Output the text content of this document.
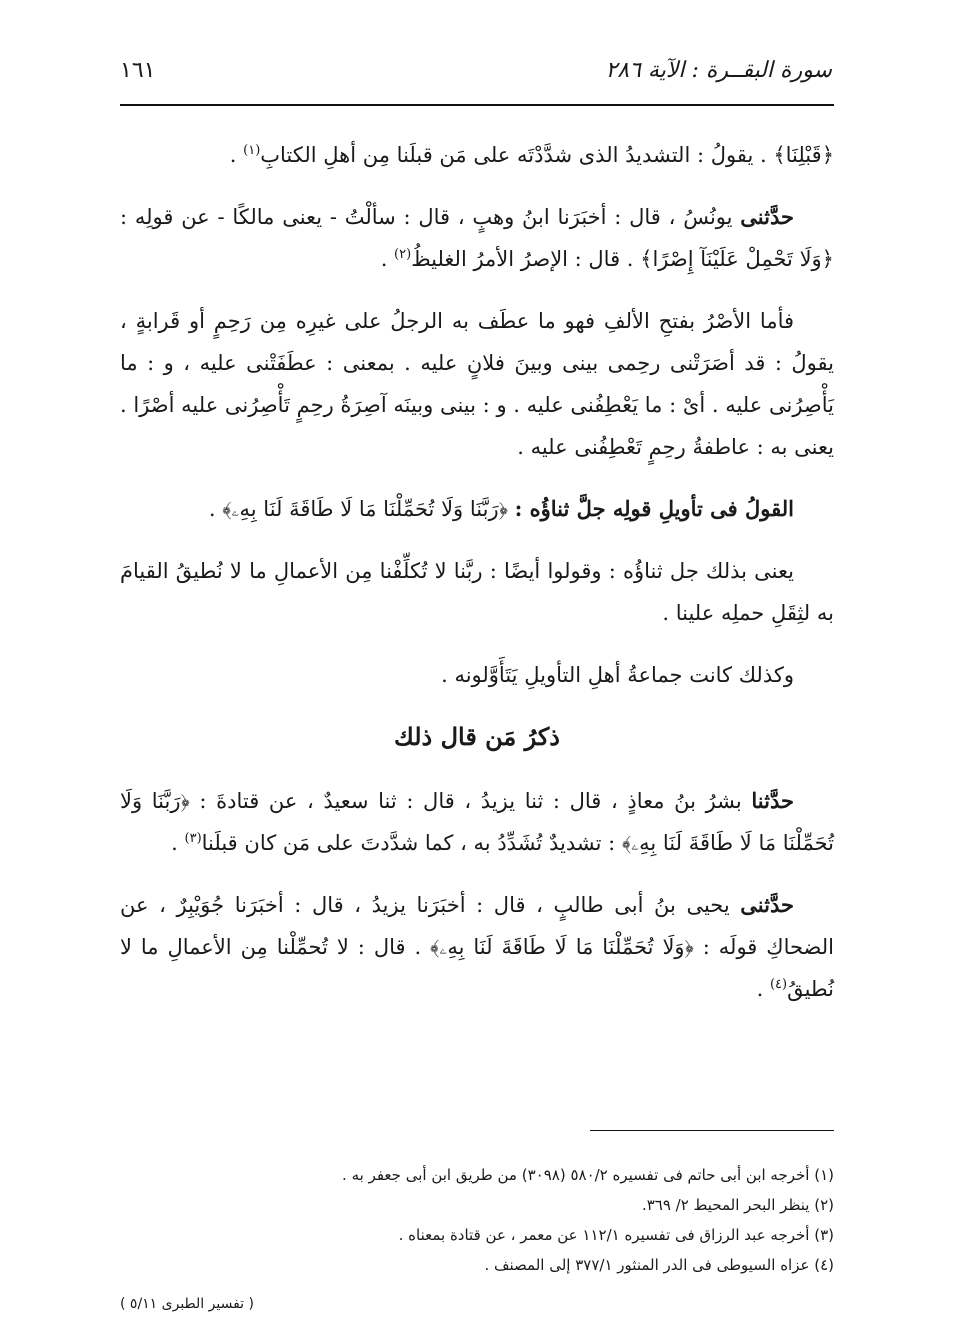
سورة البقــرة : الآية ٢٨٦
١٦١

﴿قَبْلِنَا﴾ . يقولُ : التشديدُ الذى شدَّدْتَه على مَن قبلَنا مِن أهلِ الكتابِ$^{(١)}$ .

حدَّثنى يونُسُ ، قال : أخبَرَنا ابنُ وهبٍ ، قال : سألْتُ - يعنى مالكًا - عن قولِه : ﴿وَلَا تَحْمِلْ عَلَيْنَآ إِصْرًا﴾ . قال : الإصرُ الأمرُ الغليظُ$^{(٢)}$ .

فأما الأصْرُ بفتحِ الألفِ فهو ما عطَف به الرجلُ على غيرِه مِن رَحِمٍ أو قَرابةٍ ، يقولُ : قد أصَرَتْنى رحِمى بينى وبينَ فلانٍ عليه . بمعنى : عطَفَتْنى عليه ، و : ما يَأْصِرُنى عليه . أىْ : ما يَعْطِفُنى عليه . و : بينى وبينَه آصِرَةُ رحِمٍ تَأْصِرُنى عليه أصْرًا . يعنى به : عاطفةُ رحِمٍ تَعْطِفُنى عليه .

القولُ فى تأويلِ قولِه جلَّ ثناؤُه : ﴿رَبَّنَا وَلَا تُحَمِّلْنَا مَا لَا طَاقَةَ لَنَا بِهِۦ﴾ .

يعنى بذلك جل ثناؤُه : وقولوا أيضًا : ربَّنا لا تُكلِّفْنا مِن الأعمالِ ما لا نُطيقُ القيامَ به لثِقَلِ حملِه علينا .

وكذلك كانت جماعةُ أهلِ التأويلِ يَتَأَوَّلونه .

ذكرُ مَن قال ذلك

حدَّثنا بشرُ بنُ معاذٍ ، قال : ثنا يزيدُ ، قال : ثنا سعيدٌ ، عن قتادةَ : ﴿رَبَّنَا وَلَا تُحَمِّلْنَا مَا لَا طَاقَةَ لَنَا بِهِۦ﴾ : تشديدٌ تُشَدِّدُ به ، كما شدَّدتَ على مَن كان قبلَنا$^{(٣)}$ .

حدَّثنى يحيى بنُ أبى طالبٍ ، قال : أخبَرَنا يزيدُ ، قال : أخبَرَنا جُوَيْبِرٌ ، عن الضحاكِ قولَه : ﴿وَلَا تُحَمِّلْنَا مَا لَا طَاقَةَ لَنَا بِهِۦ﴾ . قال : لا تُحمِّلْنا مِن الأعمالِ ما لا نُطيقُ$^{(٤)}$ .

(١) أخرجه ابن أبى حاتم فى تفسيره ٥٨٠/٢ (٣٠٩٨) من طريق ابن أبى جعفر به .
(٢) ينظر البحر المحيط ٢/ ٣٦٩.
(٣) أخرجه عبد الرزاق فى تفسيره ١١٢/١ عن معمر ، عن قتادة بمعناه .
(٤) عزاه السيوطى فى الدر المنثور ٣٧٧/١ إلى المصنف .
( تفسير الطبرى ٥/١١ )
